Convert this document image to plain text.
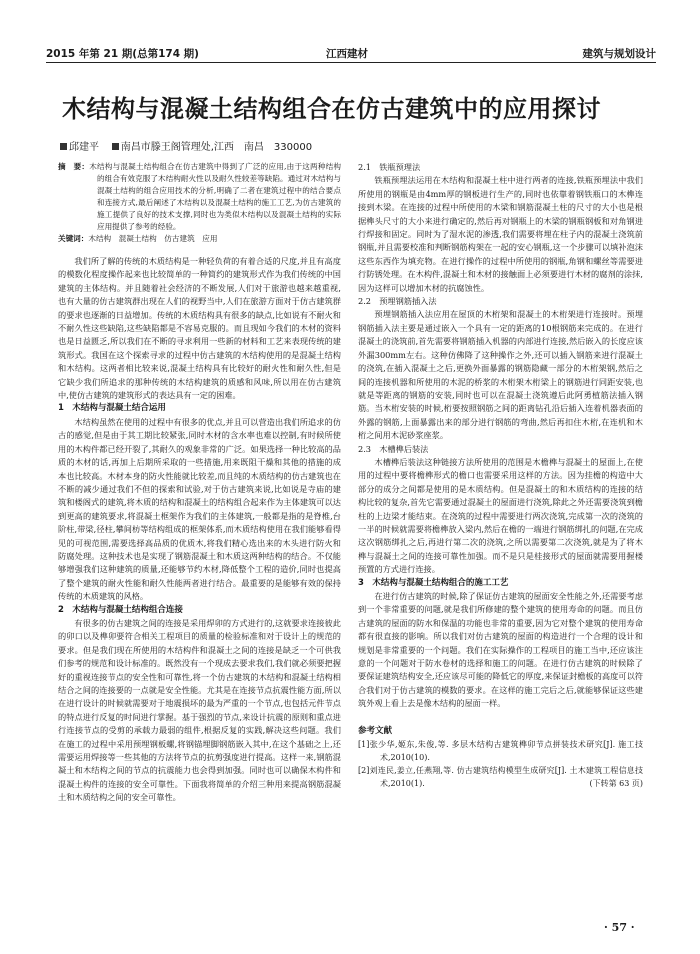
2015 年第 21 期(总第174 期)	江西建材	建筑与规划设计
木结构与混凝土结构组合在仿古建筑中的应用探讨
邱建平 南昌市滕王阁管理处,江西　南昌　330000
摘　要：木结构与混凝土结构组合在仿古建筑中得到了广泛的应用,由于这两种结构的组合有效克服了木结构耐火性以及耐久性较差等缺陷。通过对木结构与混凝土结构的组合应用技术的分析,明确了二者在建筑过程中的结合要点和连接方式,最后阐述了木结构以及混凝土结构的施工工艺,为仿古建筑的施工提供了良好的技术支撑,同时也为类似木结构以及混凝土结构的实际应用提供了参考的经验。
关键词：木结构　混凝土结构　仿古建筑　应用

我们所了解的传统的木质结构是一种轻负荷的有着合适的尺度,并且有高度的模数化程度操作起来也比较简单的一种简约的建筑形式作为我们传统的中国建筑的主体结构。并且随着社会经济的不断发展,人们对于旅游也越来越重视,也有大量的仿古建筑群出现在人们的视野当中,人们在旅游方面对于仿古建筑群的要求也逐渐的日益增加。传统的木质结构具有很多的缺点,比如说有不耐火和不耐久性这些缺陷,这些缺陷都是不容易克服的。而且现如今我们的木材的资料也是日益匮乏,所以我们在不断的寻求利用一些新的材料和工艺来表现传统的建筑形式。我国在这个探索寻求的过程中仿古建筑的木结构使用的是混凝土结构和木结构。这两者相比较来说,混凝土结构具有比较好的耐火性和耐久性,但是它缺少我们所追求的那种传统的木结构建筑的质感和风味,所以用在仿古建筑中,使仿古建筑的建筑形式的表达具有一定的困难。

1　木结构与混凝土结合运用

木结构虽然在使用的过程中有很多的优点,并且可以营造出我们所追求的仿古的感觉,但是由于其工期比较紧张,同时木材的含水率也难以控制,有时候所使用的木构件都已经开裂了,其耐久的观象非常的广泛。如果选择一种比较高的品质的木材的话,再加上后期所采取的一些措施,用来既阻干燥和其他的措施的成本也比较高。木材本身的防火性能就比较差,而且纯的木质结构的仿古建筑也在不断的减少通过我们不但的探索和试验,对于仿古建筑来说,比如说是寺庙的建筑和楼阁式的建筑,将木质的结构和混凝土的结构组合起来作为主体建筑可以达到更高的建筑要求,将混凝土框架作为我们的主体建筑,一般都是指的是脊椎,台阶柱,带梁,径柱,攀间枋等结构组成的框架体系,而木质结构使用在我们能够看得见的可视范围,需要选择高品质的优质木,将我们精心选出来的木头进行防火和防腐处理。这种技术也是实现了钢筋混凝土和木质这两种结构的结合。不仅能够增强我们这种建筑的质量,还能够节约木材,降低整个工程的造价,同时也提高了整个建筑的耐火性能和耐久性能两者进行结合。最重要的是能够有效的保持传统的木质建筑的风格。

2　木结构与混凝土结构组合连接

有很多的仿古建筑之间的连接是采用焊卯的方式进行的,这就要求连接彼此的卯口以及榫卯要符合相关工程项目的质量的检验标准和对于设计上的规范的要求。但是我们现在所使用的木结构件和混凝土之间的连接是缺乏一个可供我们参考的规范和设计标准的。既然没有一个现成去要求我们,我们就必须要把握好的重视连接节点的安全性和可靠性,将一个仿古建筑的木结构和混凝土结构相结合之间的连接要的一点就是安全性能。尤其是在连接节点抗震性能方面,所以在进行设计的时候就需要对于地震损坏的最为严重的一个节点,也包括元件节点的特点进行反复的时间进行掌握。基于强烈的节点,来设计抗震的原则和重点进行连接节点的受剪的承载力最弱的组件,根据反复的实践,解决这些问题。我们在施工的过程中采用预埋钢板螺,将钢锚埋脚钢筋嵌入其中,在这个基础之上,还需要运用焊接等一些其他的方法将节点的抗剪强度进行提高。这样一来,钢筋混凝土和木结构之间的节点的抗震能力也会得到加强。同时也可以确保木构件和混凝土构件的连接的安全可靠性。下面我将简单的介绍三种用来提高钢筋混凝土和木质结构之间的安全可靠性。

2.1　铁瓶预理法

铁瓶预埋法运用在木结构和混凝土柱中进行两者的连接,铁瓶预埋法中我们所使用的钢瓶是由4mm厚的钢板进行生产的,同时也依靠着钢铁瓶口的木榫连接到木梁。在连接的过程中所使用的木梁和钢筋混凝土柱的尺寸的大小也是根据榫头尺寸的大小来进行确定的,然后再对钢瓶上的木梁的钢瓶钢板和对角钢进行焊接和固定。同时为了湿水泥的渗透,我们需要将埋在柱子内的混凝土浇筑前钢瓶,并且需要校准和判断钢筋构架在一起的安心钢瓶,这一个步骤可以填补泡沫这些东西作为填充物。在进行操作的过程中所使用的钢瓶,角钢和螺丝等需要进行防锈处理。在木构件,混凝土和木材的接触面上必须要进行木材的腐剂的涂抹,因为这样可以增加木材的抗腐蚀性。

2.2　预埋钢筋插入法

预埋钢筋插入法应用在屋顶的木桁架和混凝土的木桁架进行连接时。预埋钢筋插入法主要是通过嵌入一个具有一定的距离的10根钢筋来完成的。在进行混凝土的浇筑前,首先需要将钢筋插入机器的内部进行连接,然后嵌入的长度应该外漏300mm左右。这种仿佛降了这种操作之外,还可以插入钢筋来进行混凝土的浇筑,在插入混凝土之后,更换外面暴露的钢筋隐藏一部分的木桁架钢,然后之间的连接机器和所使用的木泥的桥浆的木桁架木桁梁上的钢筋进行同距安装,也就是等距离的钢筋的安装,同时也可以在混凝土浇筑遵后此阿勇植筋法插入钢筋。当木桁安装的时候,桁要按照钢筋之间的距离钻孔沿后插入连着机器表面的外露的钢筋,上面暴露出来的部分进行钢筋的弯曲,然后再扣住木桁,在连机和木桁之间用木泥砂浆座浆。

2.3　木槽榫后装法

木槽榫后装法这种链接方法所使用的范围是木檐榫与混凝土的屋面上,在使用的过程中要将檐榫形式的檐口也需要采用这样的方法。因为挂檐的构造中大部分的成分之间都是使用的是木质结构。但是混凝土的和木质结构的连接的结构比较的复杂,首先它需要通过混凝土的屋面进行浇筑,除此之外还需要浇筑到檐柱的上边梁才能结束。在浇筑的过程中需要进行两次浇筑,完成第一次的浇筑的一半的时候就需要将檐榫放入梁内,然后在檐的一端进行钢筋绑扎的问题,在完成这次钢筋绑扎之后,再进行第二次的浇筑,之所以需要第二次浇筑,就是为了将木榫与混凝土之间的连接可靠性加强。而不是只是桂接形式的屋面就需要用握楼预置的方式进行连接。

3　木结构与混凝土结构组合的施工工艺

在进行仿古建筑的时候,除了保证仿古建筑的屋面安全性能之外,还需要考虑到一个非常重要的问题,就是我们所修建的整个建筑的使用寿命的问题。而且仿古建筑的屋面的防水和保温的功能也非常的重要,因为它对整个建筑的使用寿命都有很直接的影响。所以我们对仿古建筑的屋面的构造进行一个合理的设计和规划是非常重要的一个问题。我们在实际操作的工程项目的施工当中,还应该注意的一个问题对于防水卷材的选择和施工的问题。在进行仿古建筑的时候除了要保证建筑结构安全,还应该尽可能的降低它的厚度,来保证封檐板的高度可以符合我们对于仿古建筑的模数的要求。在这样的施工完后之后,就能够保证这些建筑外观上看上去是像木结构的屋面一样。

参考文献

[1]张少华,姬东,朱俊,等. 多层木结构古建筑榫卯节点拼装技术研究[J]. 施工技术,2010(10).

[2]刘连民,姜立,任燕翔,等. 仿古建筑结构模型生成研究[J]. 土木建筑工程信息技术,2010(1).	(下转第 63 页)

· 57 ·
